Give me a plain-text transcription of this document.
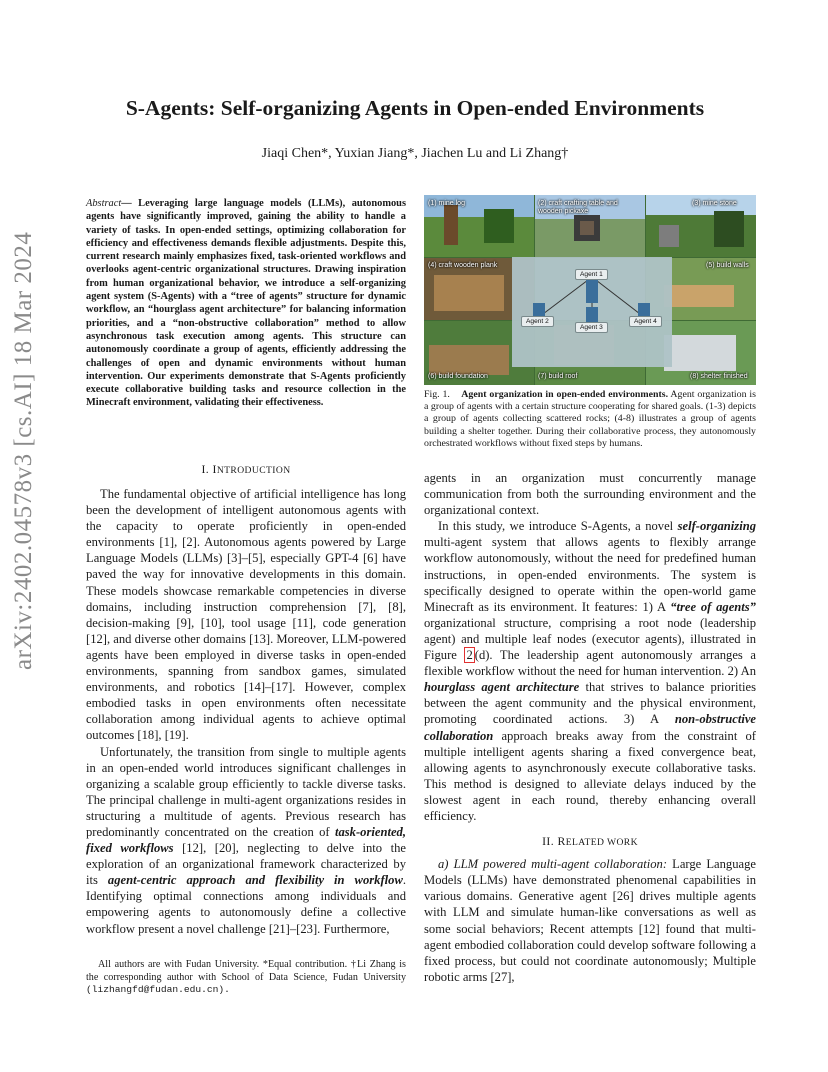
arXiv:2402.04578v3 [cs.AI] 18 Mar 2024
S-Agents: Self-organizing Agents in Open-ended Environments
Jiaqi Chen*, Yuxian Jiang*, Jiachen Lu and Li Zhang†
Abstract— Leveraging large language models (LLMs), autonomous agents have significantly improved, gaining the ability to handle a variety of tasks. In open-ended settings, optimizing collaboration for efficiency and effectiveness demands flexible adjustments. Despite this, current research mainly emphasizes fixed, task-oriented workflows and overlooks agent-centric organizational structures. Drawing inspiration from human organizational behavior, we introduce a self-organizing agent system (S-Agents) with a “tree of agents” structure for dynamic workflow, an “hourglass agent architecture” for balancing information priorities, and a “non-obstructive collaboration” method to allow asynchronous task execution among agents. This structure can autonomously coordinate a group of agents, efficiently addressing the challenges of open and dynamic environments without human intervention. Our experiments demonstrate that S-Agents proficiently execute collaborative building tasks and resource collection in the Minecraft environment, validating their effectiveness.
(1) mine log	(2) craft crafting table and wooden pickaxe
(3) mine stone
(4) craft wooden plank	(5) build walls
(6) build foundation	(7) build roof	(8) shelter finished
Agent 1
Agent 2
Agent 3
Agent 4
Fig. 1. Agent organization in open-ended environments. Agent organization is a group of agents with a certain structure cooperating for shared goals. (1-3) depicts a group of agents collecting scattered rocks; (4-8) illustrates a group of agents building a shelter together. During their collaborative process, they autonomously orchestrated workflows without fixed steps by humans.
I. INTRODUCTION

The fundamental objective of artificial intelligence has long been the development of intelligent autonomous agents with the capacity to operate proficiently in open-ended environments [1], [2]. Autonomous agents powered by Large Language Models (LLMs) [3]–[5], especially GPT-4 [6] have paved the way for innovative developments in this domain. These models showcase remarkable competencies in diverse domains, including instruction comprehension [7], [8], decision-making [9], [10], tool usage [11], code generation [12], and diverse other domains [13]. Moreover, LLM-powered agents have been employed in diverse tasks in open-ended environments, spanning from sandbox games, simulated environments, and robotics [14]–[17]. However, complex embodied tasks in open environments often necessitate collaboration among individual agents to achieve optimal outcomes [18], [19].

Unfortunately, the transition from single to multiple agents in an open-ended world introduces significant challenges in organizing a scalable group efficiently to tackle diverse tasks. The principal challenge in multi-agent organizations resides in structuring a multitude of agents. Previous research has predominantly concentrated on the creation of task-oriented, fixed workflows [12], [20], neglecting to delve into the exploration of an organizational framework characterized by its agent-centric approach and flexibility in workflow. Identifying optimal connections among individuals and empowering agents to autonomously define a collective workflow present a novel challenge [21]–[23]. Furthermore,

All authors are with Fudan University. *Equal contribution. †Li Zhang is the corresponding author with School of Data Science, Fudan University (lizhangfd@fudan.edu.cn).

agents in an organization must concurrently manage communication from both the surrounding environment and the organizational context.

In this study, we introduce S-Agents, a novel self-organizing multi-agent system that allows agents to flexibly arrange workflow autonomously, without the need for predefined human instructions, in open-ended environments. The system is specifically designed to operate within the open-world game Minecraft as its environment. It features: 1) A “tree of agents” organizational structure, comprising a root node (leadership agent) and multiple leaf nodes (executor agents), illustrated in Figure 2 (d). The leadership agent autonomously arranges a flexible workflow without the need for human intervention. 2) An hourglass agent architecture that strives to balance priorities between the agent community and the physical environment, promoting coordinated actions. 3) A non-obstructive collaboration approach breaks away from the constraint of multiple intelligent agents sharing a fixed convergence beat, allowing agents to asynchronously execute collaborative tasks. This method is designed to alleviate delays induced by the slowest agent in each round, thereby enhancing overall efficiency.

II. RELATED WORK

a) LLM powered multi-agent collaboration: Large Language Models (LLMs) have demonstrated phenomenal capabilities in various domains. Generative agent [26] drives multiple agents with LLM and simulate human-like conversations as well as some social behaviors; Recent attempts [12] found that multi-agent embodied collaboration could develop software following a fixed process, but could not coordinate autonomously; Multiple robotic arms [27],
